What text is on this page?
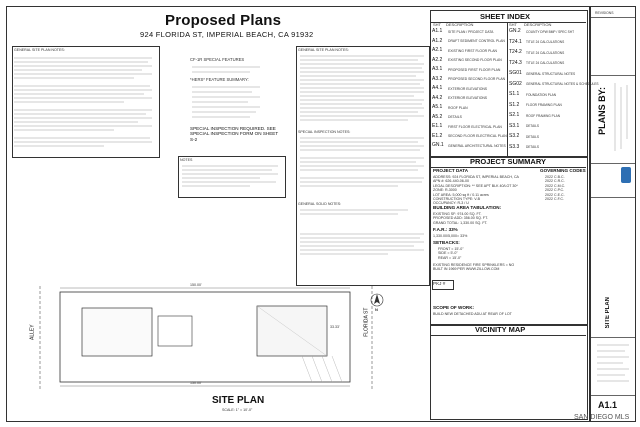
Proposed Plans
924 FLORIDA ST, IMPERIAL BEACH, CA 91932
GENERAL SITE PLAN NOTES:
CF-1R SPECIAL FEATURES
*HERS* FEATURE SUMMARY:
SPECIAL INSPECTION REQUIRED. SEE SPECIAL INSPECTION FORM ON SHEET S-2
NOTES
GENERAL SITE PLAN NOTES:
SPECIAL INSPECTION NOTES:
GENERAL SOLID NOTES:
SHEET INDEX
SHT DESCRIPTION	SHT DESCRIPTION
A1.1 SITE PLAN / PROJECT DATA
A1.2 DRAFT SEDIMENT CONTROL PLAN
A2.1 EXISTING FIRST FLOOR PLAN
A2.2 EXISTING SECOND FLOOR PLAN
A3.1 PROPOSED FIRST FLOOR PLAN
A3.2 PROPOSED SECOND FLOOR PLAN
A4.1 EXTERIOR ELEVATIONS
A4.2 EXTERIOR ELEVATIONS
A5.1 ROOF PLAN
A5.2 DETAILS
E1.1 FIRST FLOOR ELECTRICAL PLAN
E1.2 SECOND FLOOR ELECTRICAL PLAN
GN.1 GENERAL ARCHITECTURAL NOTES
GN.2 COUNTY DPW BMP / SPEC SHT
T24.1 TITLE 24 CALCULATIONS
T24.2 TITLE 24 CALCULATIONS
T24.3 TITLE 24 CALCULATIONS
SG01 GENERAL STRUCTURAL NOTES
SG02 GENERAL STRUCTURAL NOTES & SCHEDULES
S1.1 FOUNDATION PLAN
S1.2 FLOOR FRAMING PLAN
S2.1 ROOF FRAMING PLAN
S3.1 DETAILS
S3.2 DETAILS
S3.3 DETAILS
PROJECT SUMMARY
PROJECT DATA
ADDRESS: 924 FLORIDA ST, IMPERIAL BEACH, CA
APN #: 626-440-06-00
LEGAL DESCRIPTION: ** SEE APT BLK 40/LOT 30*
ZONE: R-3000
LOT AREA: 5,000 sq ft / 0.11 acres
CONSTRUCTION TYPE: V-B
OCCUPANCY: R-3 / U
GOVERNING CODES
2022 C.B.C.
2022 C.R.C.
2022 C.M.C.
2022 C.P.C.
2022 C.E.C.
2022 C.F.C.
BUILDING AREA TABULATION:
EXISTING SF: 974.00 SQ. FT.
PROPOSED ADD: 356.00 SQ. FT.
GRAND TOTAL: 1,330.00 SQ. FT.
F.A.R.: 33%
1,330.00/5,000= 33%
SETBACKS:
FRONT = 15'-0"
SIDE = 5'-0"
REAR = 15'-0"
EXISTING RESIDENCE FIRE SPRINKLERS = NO
BUILT IN 1969 PER WWW.ZILLOW.COM
PKJ #
SCOPE OF WORK:
BUILD NEW DETACHED ADU AT REAR OF LOT
VICINITY MAP
150.00'
150.00'
ALLEY	FLORIDA ST
33.33'
N
SITE PLAN
SCALE: 1" = 10'-0"
REVISIONS
PLANS BY:
SITE PLAN
A1.1
SAN DIEGO MLS
